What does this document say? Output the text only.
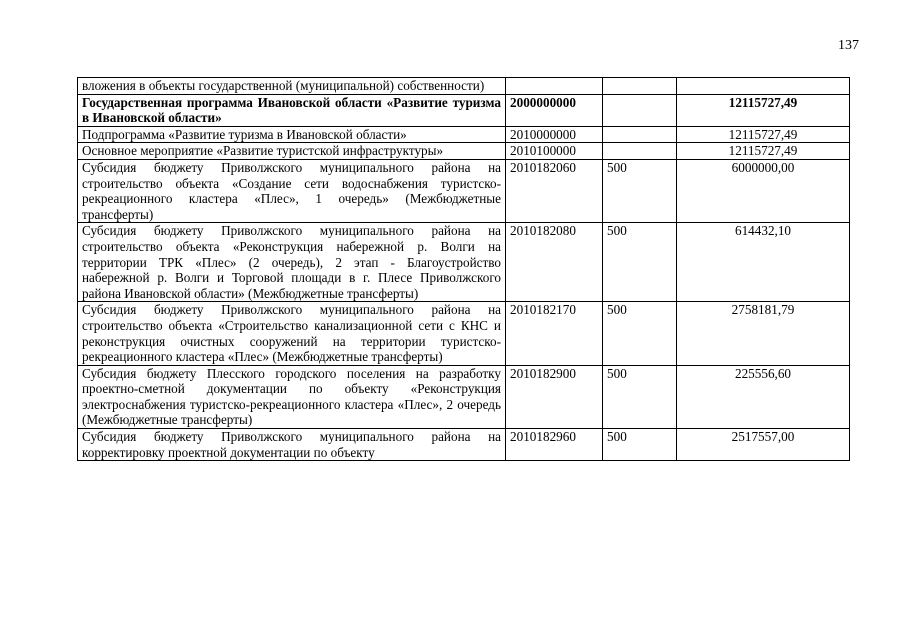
137
вложения в объекты государственной (муниципальной) собственности)			
Государственная программа Ивановской области «Развитие туризма в Ивановской области»	2000000000		12115727,49
Подпрограмма «Развитие туризма в Ивановской области»	2010000000		12115727,49
Основное мероприятие «Развитие туристской инфраструктуры»	2010100000		12115727,49
Субсидия бюджету Приволжского муниципального района на строительство объекта «Создание сети водоснабжения туристско-рекреационного кластера «Плес», 1 очередь» (Межбюджетные трансферты)	2010182060	500	6000000,00
Субсидия бюджету Приволжского муниципального района на строительство объекта «Реконструкция набережной р. Волги на территории ТРК «Плес» (2 очередь), 2 этап - Благоустройство набережной р. Волги и Торговой площади в г. Плесе Приволжского района Ивановской области» (Межбюджетные трансферты)	2010182080	500	614432,10
Субсидия бюджету Приволжского муниципального района на строительство объекта «Строительство канализационной сети с КНС и реконструкция очистных сооружений на территории туристско-рекреационного кластера «Плес» (Межбюджетные трансферты)	2010182170	500	2758181,79
Субсидия бюджету Плесского городского поселения на разработку проектно-сметной документации по объекту «Реконструкция электроснабжения туристско-рекреационного кластера «Плес», 2 очередь (Межбюджетные трансферты)	2010182900	500	225556,60
Субсидия бюджету Приволжского муниципального района на корректировку проектной документации по объекту	2010182960	500	2517557,00
